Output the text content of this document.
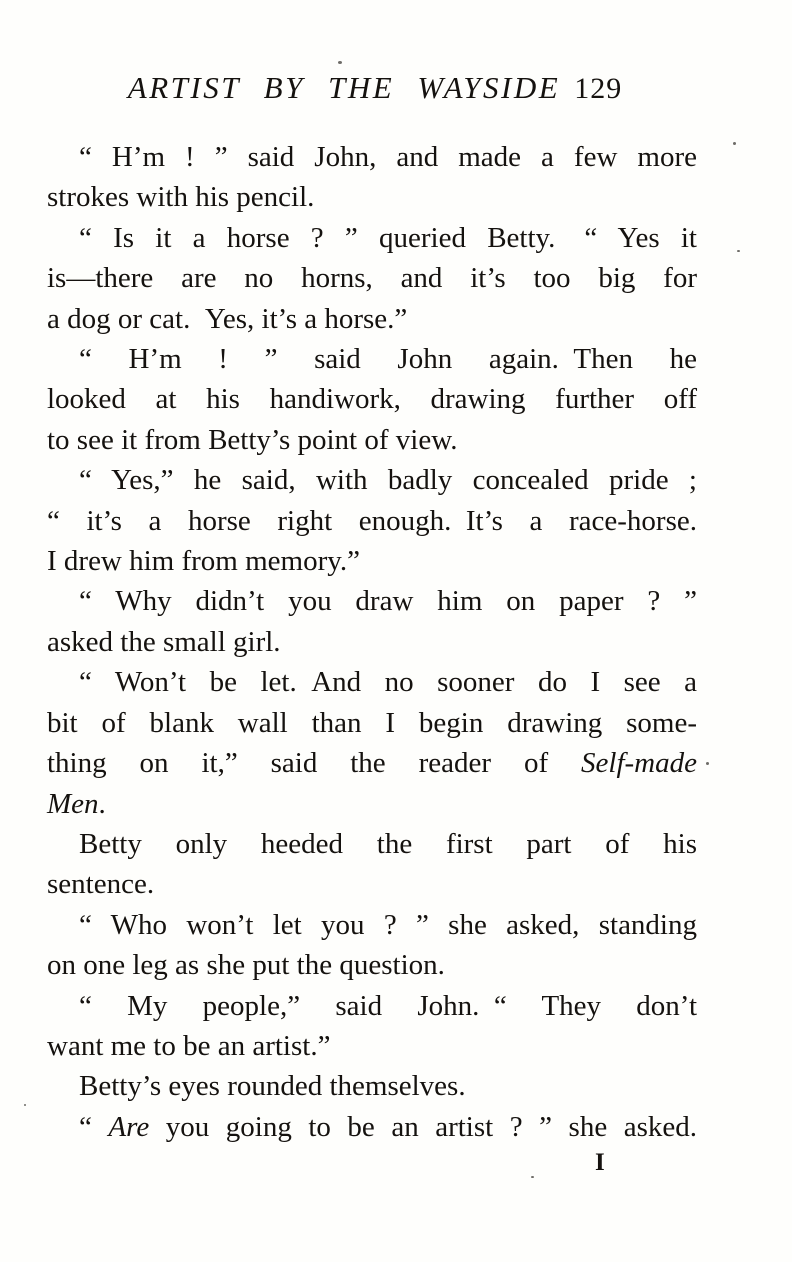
ARTIST BY THE WAYSIDE 129
“ H’m ! ” said John, and made a few more
strokes with his pencil.
“ Is it a horse ? ” queried Betty.  “ Yes it
is—there are no horns, and it’s too big for
a dog or cat. Yes, it’s a horse.”
“ H’m ! ” said John again. Then he
looked at his handiwork, drawing further off
to see it from Betty’s point of view.
“ Yes,” he said, with badly concealed pride ;
“ it’s a horse right enough. It’s a race-horse.
I drew him from memory.”
“ Why didn’t you draw him on paper ? ”
asked the small girl.
“ Won’t be let. And no sooner do I see a
bit of blank wall than I begin drawing some-
thing on it,” said the reader of Self-made
Men.
Betty only heeded the first part of his
sentence.
“ Who won’t let you ? ” she asked, standing
on one leg as she put the question.
“ My people,” said John. “ They don’t
want me to be an artist.”
Betty’s eyes rounded themselves.
“ Are you going to be an artist ? ” she asked.
I
